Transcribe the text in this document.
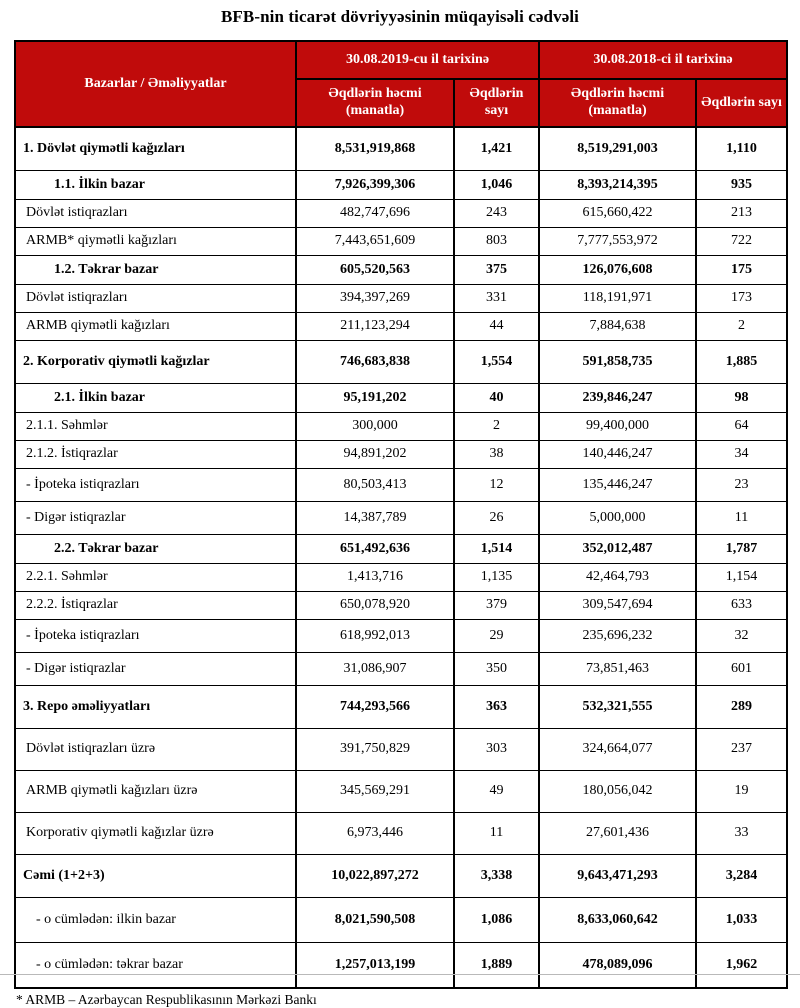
BFB-nin ticarət dövriyyəsinin müqayisəli cədvəli
Bazarlar / Əməliyyatlar	30.08.2019-cu il tarixinə		30.08.2018-ci il tarixinə	
	Əqdlərin həcmi (manatla)	Əqdlərin sayı	Əqdlərin həcmi (manatla)	Əqdlərin sayı
1. Dövlət qiymətli kağızları	8,531,919,868	1,421	8,519,291,003	1,110
1.1. İlkin bazar	7,926,399,306	1,046	8,393,214,395	935
Dövlət istiqrazları	482,747,696	243	615,660,422	213
ARMB* qiymətli kağızları	7,443,651,609	803	7,777,553,972	722
1.2. Təkrar bazar	605,520,563	375	126,076,608	175
Dövlət istiqrazları	394,397,269	331	118,191,971	173
ARMB qiymətli kağızları	211,123,294	44	7,884,638	2
2. Korporativ qiymətli kağızlar	746,683,838	1,554	591,858,735	1,885
2.1. İlkin bazar	95,191,202	40	239,846,247	98
2.1.1. Səhmlər	300,000	2	99,400,000	64
2.1.2. İstiqrazlar	94,891,202	38	140,446,247	34
- İpoteka istiqrazları	80,503,413	12	135,446,247	23
- Digər istiqrazlar	14,387,789	26	5,000,000	11
2.2. Təkrar bazar	651,492,636	1,514	352,012,487	1,787
2.2.1. Səhmlər	1,413,716	1,135	42,464,793	1,154
2.2.2. İstiqrazlar	650,078,920	379	309,547,694	633
- İpoteka istiqrazları	618,992,013	29	235,696,232	32
- Digər istiqrazlar	31,086,907	350	73,851,463	601
3. Repo əməliyyatları	744,293,566	363	532,321,555	289
Dövlət istiqrazları üzrə	391,750,829	303	324,664,077	237
ARMB qiymətli kağızları üzrə	345,569,291	49	180,056,042	19
Korporativ qiymətli kağızlar üzrə	6,973,446	11	27,601,436	33
Cəmi (1+2+3)	10,022,897,272	3,338	9,643,471,293	3,284
- o cümlədən: ilkin bazar	8,021,590,508	1,086	8,633,060,642	1,033
- o cümlədən: təkrar bazar	1,257,013,199	1,889	478,089,096	1,962
* ARMB – Azərbaycan Respublikasının Mərkəzi Bankı
